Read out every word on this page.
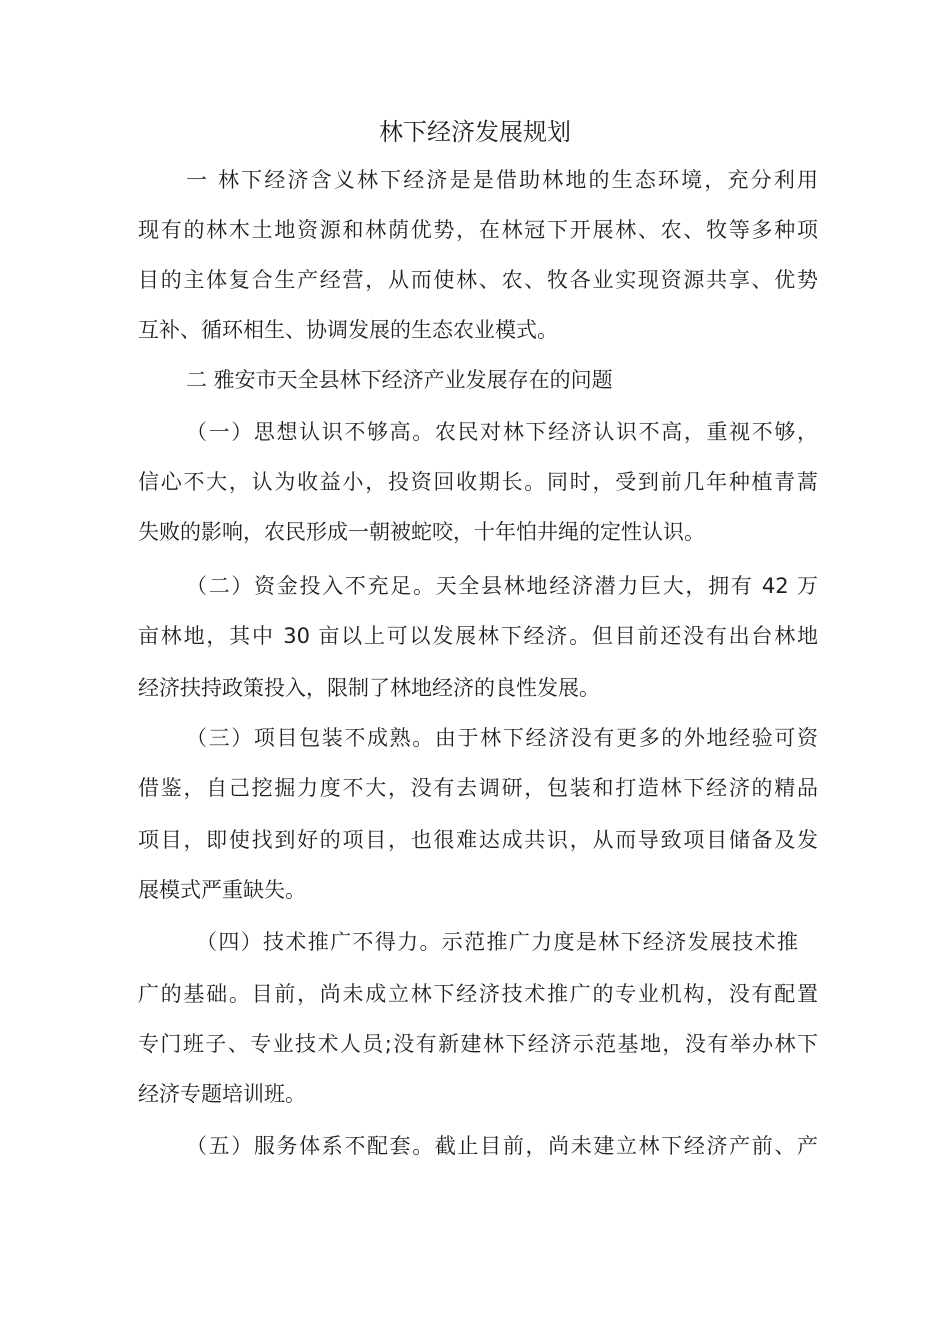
林下经济发展规划
一 林下经济含义林下经济是是借助林地的生态环境，充分利用
现有的林木土地资源和林荫优势，在林冠下开展林、农、牧等多种项
目的主体复合生产经营，从而使林、农、牧各业实现资源共享、优势
互补、循环相生、协调发展的生态农业模式。
二 雅安市天全县林下经济产业发展存在的问题
（一）思想认识不够高。农民对林下经济认识不高，重视不够，
信心不大，认为收益小，投资回收期长。同时，受到前几年种植青蒿
失败的影响，农民形成一朝被蛇咬，十年怕井绳的定性认识。
（二）资金投入不充足。天全县林地经济潜力巨大，拥有 42 万
亩林地，其中 30 亩以上可以发展林下经济。但目前还没有出台林地
经济扶持政策投入，限制了林地经济的良性发展。
（三）项目包装不成熟。由于林下经济没有更多的外地经验可资
借鉴，自己挖掘力度不大，没有去调研，包装和打造林下经济的精品
项目，即使找到好的项目，也很难达成共识，从而导致项目储备及发
展模式严重缺失。
（四）技术推广不得力。示范推广力度是林下经济发展技术推
广的基础。目前，尚未成立林下经济技术推广的专业机构，没有配置
专门班子、专业技术人员;没有新建林下经济示范基地，没有举办林下
经济专题培训班。
（五）服务体系不配套。截止目前，尚未建立林下经济产前、产
